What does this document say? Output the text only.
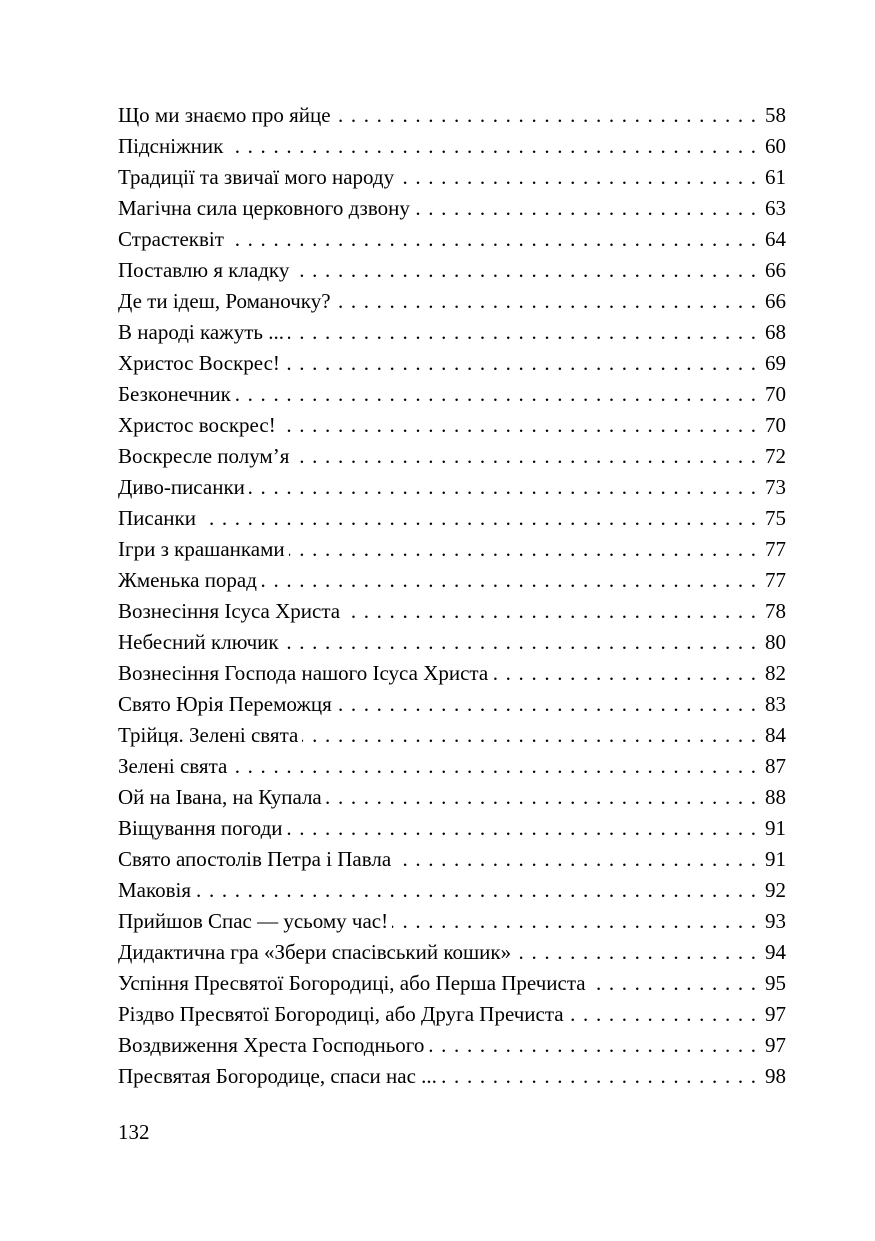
Що ми знаємо про яйце . . .	58
Підсніжник . . .	60
Традиції та звичаї мого народу . . .	61
Магічна сила церковного дзвону . . .	63
Страстеквіт . . .	64
Поставлю я кладку . . .	66
Де ти ідеш, Романочку? . . .	66
В народі кажуть ... . . .	68
Христос Воскрес! . . .	69
Безконечник . . .	70
Христос воскрес! . . .	70
Воскресле полум’я . . .	72
Диво-писанки . . .	73
Писанки . . .	75
Ігри з крашанками . . .	77
Жменька порад . . .	77
Вознесіння Ісуса Христа . . .	78
Небесний ключик . . .	80
Вознесіння Господа нашого Ісуса Христа . . .	82
Свято Юрія Переможця . . .	83
Трійця. Зелені свята . . .	84
Зелені свята . . .	87
Ой на Івана, на Купала . . .	88
Віщування погоди . . .	91
Свято апостолів Петра і Павла . . .	91
Маковія . . .	92
Прийшов Спас — усьому час! . . .	93
Дидактична гра «Збери спасівський кошик» . . .	94
Успіння Пресвятої Богородиці, або Перша Пречиста . . .	95
Різдво Пресвятої Богородиці, або Друга Пречиста . . .	97
Воздвиження Хреста Господнього . . .	97
Пресвятая Богородице, спаси нас ... . . .	98
132
